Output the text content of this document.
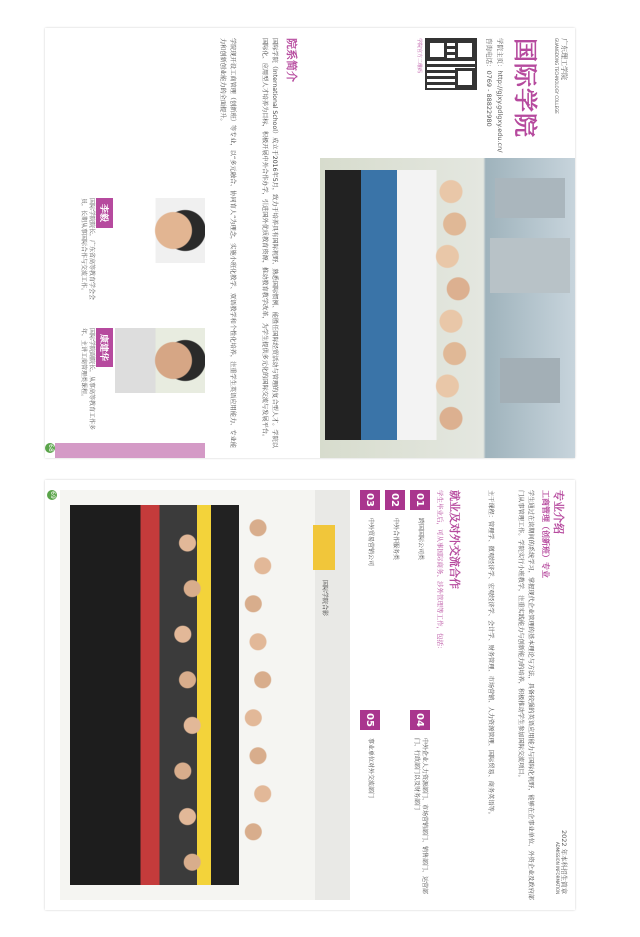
广东理工学院
GUANGDONG TECHNOLOGY COLLEGE
国际学院
学院主页：http://gjxy.gdlgxy.edu.cn/
咨询电话：0769 - 88822980
学院官方二维码
院系简介
国际学院（International School）成立于2016年5月，致力于培养具有国际视野、熟悉国际惯例、能胜任国际经贸活动与管理的复合型人才。学院以国际化、应用型人才培养为目标，积极开展中外合作办学，引进国外优质教育资源，推动教育教学改革，为学生提供多元化的国际交流与发展平台。
学院现开设工商管理（创新班）等专业，以“多元融合、协同育人”为理念，实施小班化教学、双语教学和个性化培养，注重学生英语应用能力、专业能力和创新创业能力的全面提升。
李毅
国际学院院长，广东省高等教育学会会员，长期从事国际合作与交流工作。
康建华
国际学院副院长，从事高等教育工作多年，主讲工商管理类课程。
68
2022 年本科招生简章
ADMISSION INFORMATION
专业介绍
工商管理（创新班）专业
学生通过在读期间的系统学习，掌握现代企业管理的基本理论与方法，具备较强的英语应用能力与国际化视野，能够在企事业单位、外资企业及政府部门从事管理工作。学院实行小班教学，注重实践能力与创新能力的培养，积极推动学生参加国际交流项目。
主干课程：管理学、微观经济学、宏观经济学、会计学、财务管理、市场营销、人力资源管理、国际贸易、商务英语等。
就业及对外交流合作
学生毕业后，可从事国际商务、涉外管理等工作，包括：
01
跨国国际公司类
02
中外合作服务类
03
中外贸易营销公司
04
中外企业人力资源部门、市场营销部门、销售部门、运营部门、行政部门以及财务部门
05
事业单位对外交流部门
国际学院合影
69
